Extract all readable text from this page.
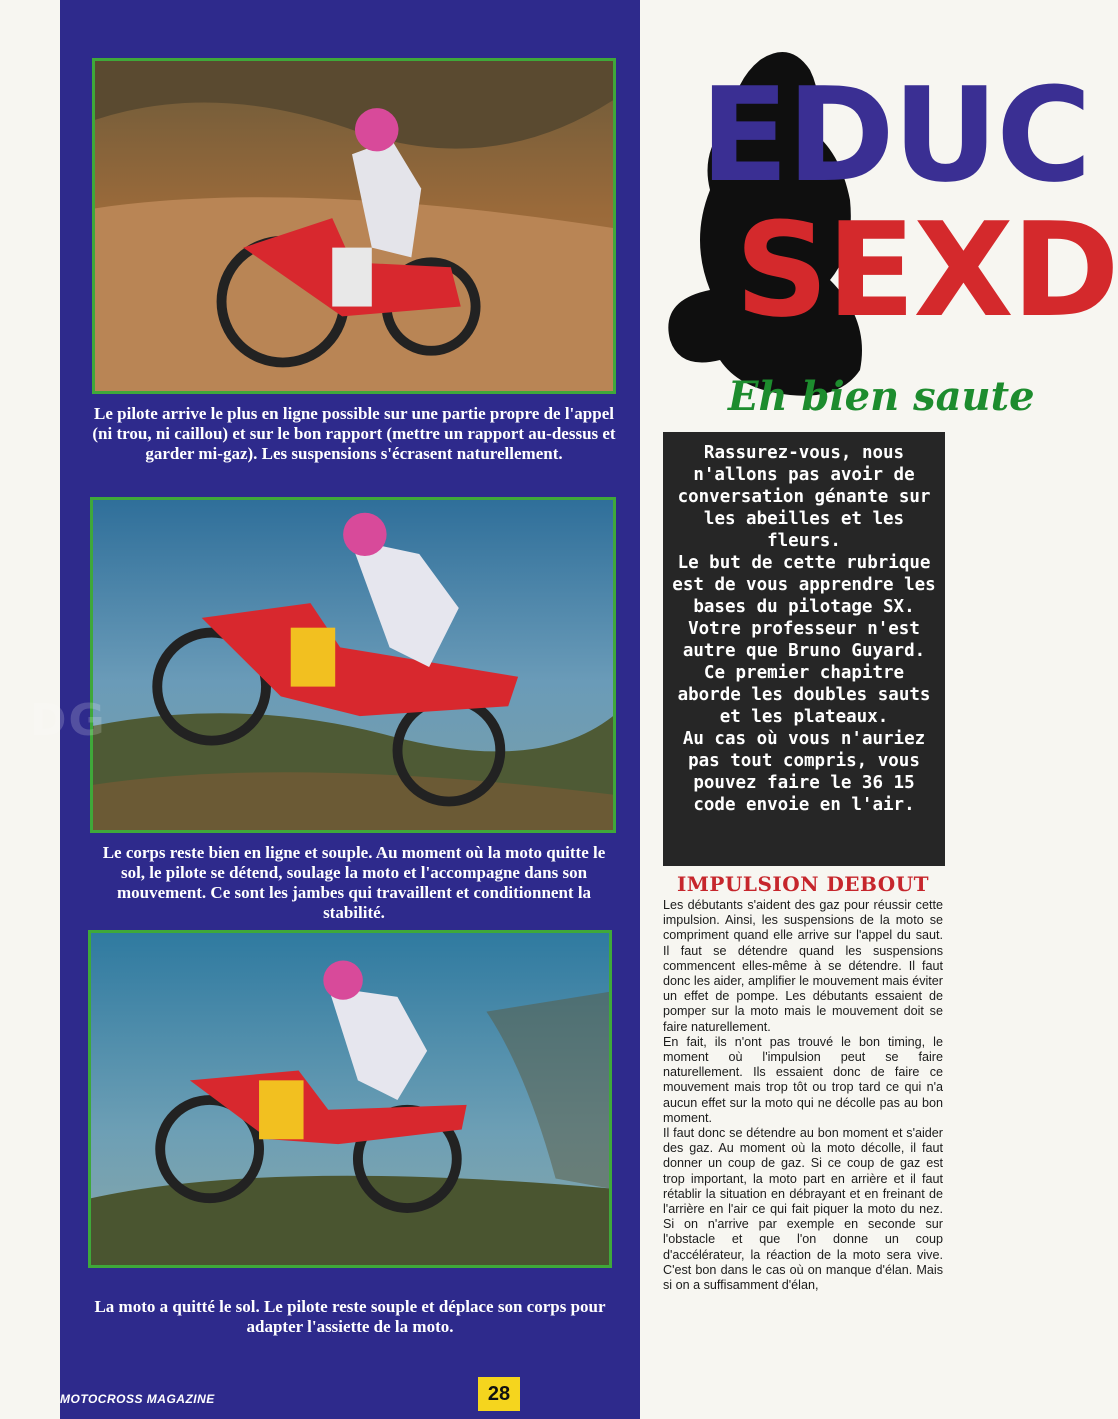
Le pilote arrive le plus en ligne possible sur une partie propre de l'appel (ni trou, ni caillou) et sur le bon rapport (mettre un rapport au-dessus et garder mi-gaz). Les suspensions s'écrasent naturellement.
Le corps reste bien en ligne et souple. Au moment où la moto quitte le sol, le pilote se détend, soulage la moto et l'accompagne dans son mouvement. Ce sont les jambes qui travaillent et conditionnent la stabilité.
La moto a quitté le sol. Le pilote reste souple et déplace son corps pour adapter l'assiette de la moto.
MOTOCROSS MAGAZINE	28
EDUC
SEXD
Eh bien saute

Rassurez-vous, nous n'allons pas avoir de conversation génante sur les abeilles et les fleurs.

Le but de cette rubrique est de vous apprendre les bases du pilotage SX. Votre professeur n'est autre que Bruno Guyard. Ce premier chapitre aborde les doubles sauts et les plateaux.

Au cas où vous n'auriez pas tout compris, vous pouvez faire le 36 15 code envoie en l'air.

IMPULSION DEBOUT

Les débutants s'aident des gaz pour réussir cette impulsion. Ainsi, les suspensions de la moto se compriment quand elle arrive sur l'appel du saut. Il faut se détendre quand les suspensions commencent elles-même à se détendre. Il faut donc les aider, amplifier le mouvement mais éviter un effet de pompe. Les débutants essaient de pomper sur la moto mais le mouvement doit se faire naturellement.

En fait, ils n'ont pas trouvé le bon timing, le moment où l'impulsion peut se faire naturellement. Ils essaient donc de faire ce mouvement mais trop tôt ou trop tard ce qui n'a aucun effet sur la moto qui ne décolle pas au bon moment.

Il faut donc se détendre au bon moment et s'aider des gaz. Au moment où la moto décolle, il faut donner un coup de gaz. Si ce coup de gaz est trop important, la moto part en arrière et il faut rétablir la situation en débrayant et en freinant de l'arrière en l'air ce qui fait piquer la moto du nez. Si on n'arrive par exemple en seconde sur l'obstacle et que l'on donne un coup d'accélérateur, la réaction de la moto sera vive. C'est bon dans le cas où on manque d'élan. Mais si on a suffisamment d'élan,

DG
